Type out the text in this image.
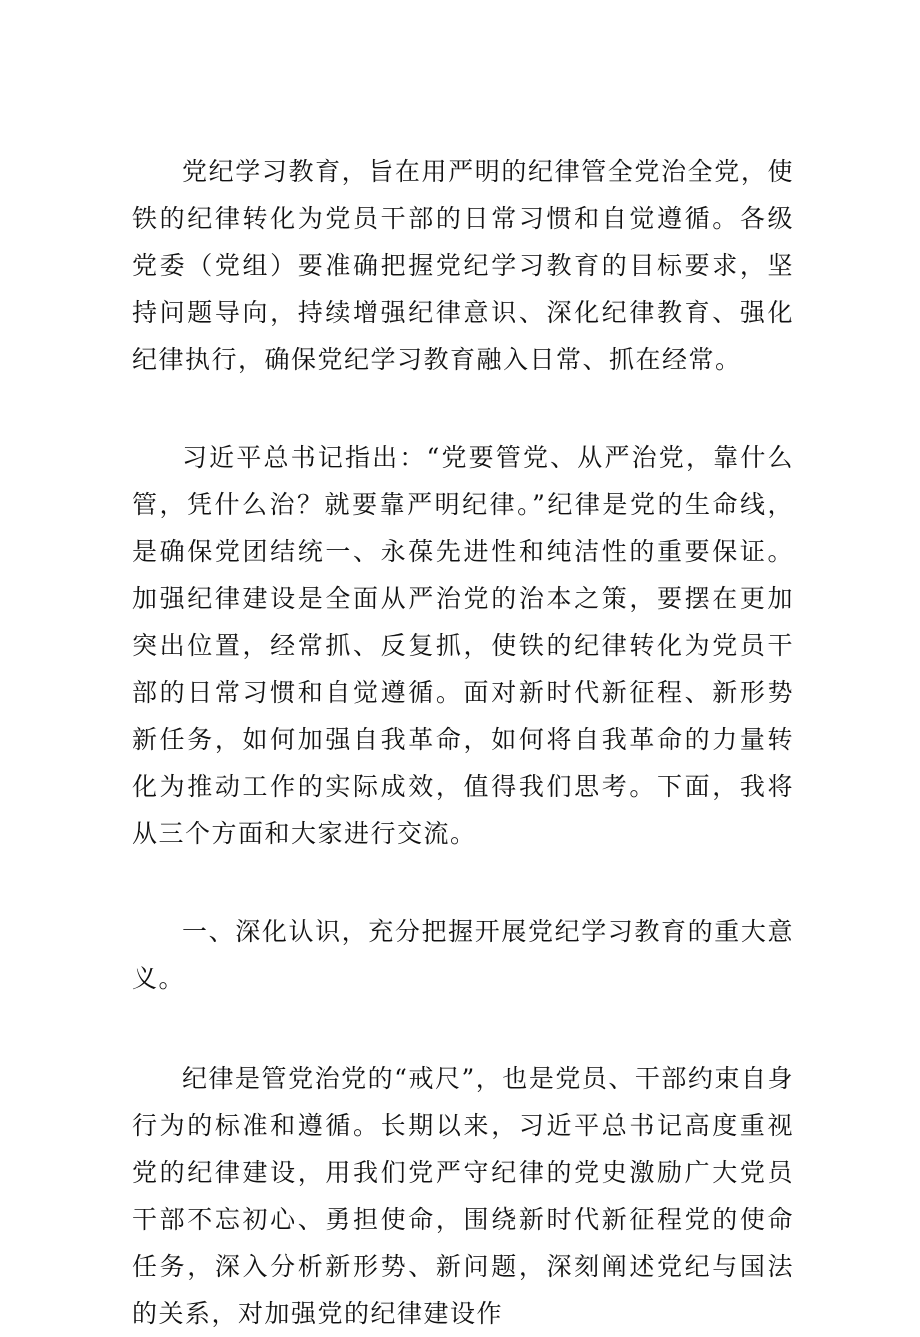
党纪学习教育，旨在用严明的纪律管全党治全党，使铁的纪律转化为党员干部的日常习惯和自觉遵循。各级党委（党组）要准确把握党纪学习教育的目标要求，坚持问题导向，持续增强纪律意识、深化纪律教育、强化纪律执行，确保党纪学习教育融入日常、抓在经常。

习近平总书记指出：“党要管党、从严治党，靠什么管，凭什么治？就要靠严明纪律。”纪律是党的生命线，是确保党团结统一、永葆先进性和纯洁性的重要保证。加强纪律建设是全面从严治党的治本之策，要摆在更加突出位置，经常抓、反复抓，使铁的纪律转化为党员干部的日常习惯和自觉遵循。面对新时代新征程、新形势新任务，如何加强自我革命，如何将自我革命的力量转化为推动工作的实际成效，值得我们思考。下面，我将从三个方面和大家进行交流。

一、深化认识，充分把握开展党纪学习教育的重大意义。

纪律是管党治党的“戒尺”，也是党员、干部约束自身行为的标准和遵循。长期以来，习近平总书记高度重视党的纪律建设，用我们党严守纪律的党史激励广大党员干部不忘初心、勇担使命，围绕新时代新征程党的使命任务，深入分析新形势、新问题，深刻阐述党纪与国法的关系，对加强党的纪律建设作
